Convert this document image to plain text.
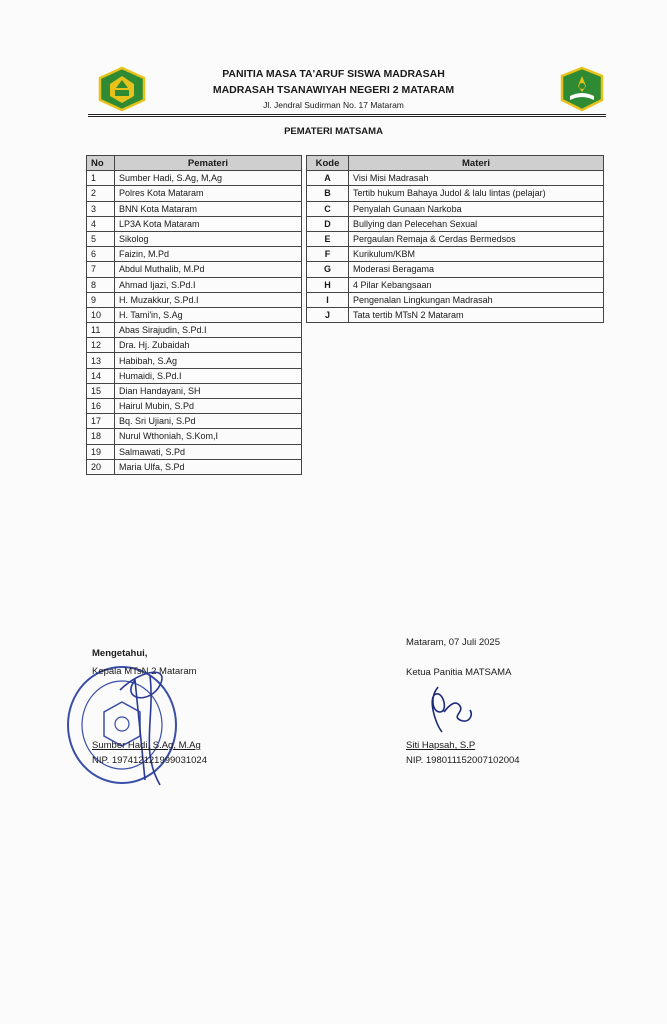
PANITIA MASA TA'ARUF SISWA MADRASAH
MADRASAH TSANAWIYAH NEGERI 2 MATARAM
Jl. Jendral Sudirman No. 17 Mataram
PEMATERI MATSAMA
No	Pemateri
1	Sumber Hadi, S.Ag, M,Ag
2	Polres Kota Mataram
3	BNN Kota Mataram
4	LP3A Kota Mataram
5	Sikolog
6	Faizin, M.Pd
7	Abdul Muthalib, M.Pd
8	Ahmad Ijazi, S.Pd.I
9	H. Muzakkur, S.Pd.I
10	H. Tami'in, S.Ag
11	Abas Sirajudin, S.Pd.I
12	Dra. Hj. Zubaidah
13	Habibah, S.Ag
14	Humaidi, S.Pd.I
15	Dian Handayani, SH
16	Hairul Mubin, S.Pd
17	Bq. Sri Ujiani, S.Pd
18	Nurul Wthoniah, S.Kom,I
19	Salmawati, S.Pd
20	Maria Ulfa, S.Pd
Kode	Materi
A	Visi Misi Madrasah
B	Tertib hukum Bahaya Judol & lalu lintas (pelajar)
C	Penyalah Gunaan Narkoba
D	Bullying dan Pelecehan Sexual
E	Pergaulan Remaja & Cerdas Bermedsos
F	Kurikulum/KBM
G	Moderasi Beragama
H	4 Pilar Kebangsaan
I	Pengenalan Lingkungan Madrasah
J	Tata tertib MTsN 2 Mataram
Mataram, 07 Juli 2025
Ketua Panitia MATSAMA
Siti Hapsah, S.P
NIP. 198011152007102004
Mengetahui,
Kepala MTsN 2 Mataram
Sumber Hadi, S.Ag, M.Ag
NIP. 197412121999031024
